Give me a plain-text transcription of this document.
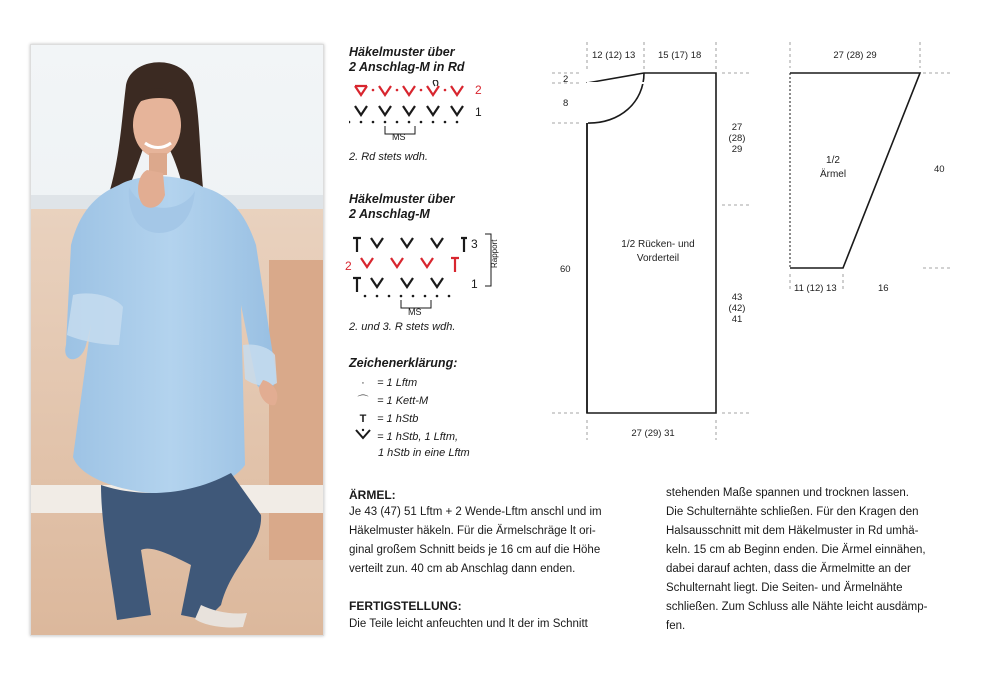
Häkelmuster über
2 Anschlag-M in Rd
2
1
MS
2. Rd stets wdh.
Häkelmuster über
2 Anschlag-M
3
2
1
Rapport
MS
2. und 3. R stets wdh.
Zeichenerklärung:
· = 1 Lftm
⌒ = 1 Kett-M
T = 1 hStb
= 1 hStb, 1 Lftm,
1 hStb in eine Lftm
12 (12) 13 15 (17) 18
2
8
27
(28)
29
60
1/2 Rücken- und
Vorderteil
43
(42)
41
27 (29) 31
27 (28) 29
1/2
Ärmel	40
11 (12) 13	16
ÄRMEL:
Je 43 (47) 51 Lftm + 2 Wende-Lftm anschl und im
Häkelmuster häkeln. Für die Ärmelschräge lt ori-
ginal großem Schnitt beids je 16 cm auf die Höhe
verteilt zun. 40 cm ab Anschlag dann enden.
FERTIGSTELLUNG:
Die Teile leicht anfeuchten und lt der im Schnitt
stehenden Maße spannen und trocknen lassen.
Die Schulternähte schließen. Für den Kragen den
Halsausschnitt mit dem Häkelmuster in Rd umhä-
keln. 15 cm ab Beginn enden. Die Ärmel einnähen,
dabei darauf achten, dass die Ärmelmitte an der
Schulternaht liegt. Die Seiten- und Ärmelnähte
schließen. Zum Schluss alle Nähte leicht ausdämp-
fen.
